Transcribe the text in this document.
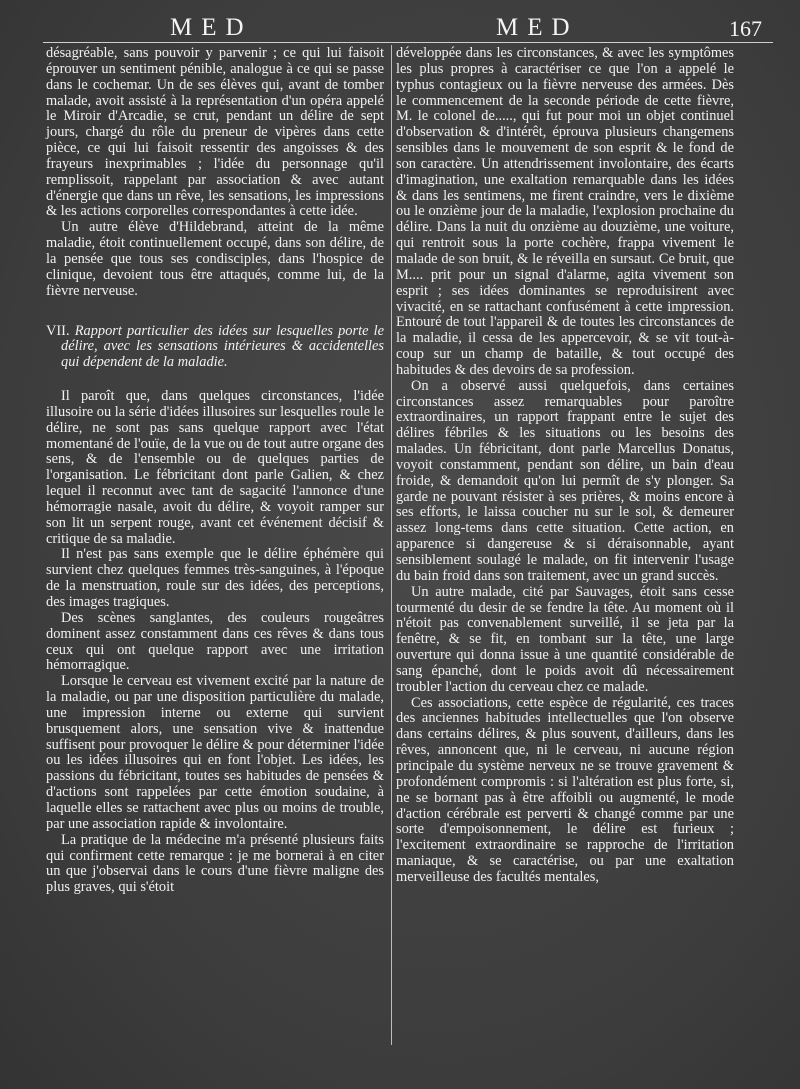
MED	MED	167

désagréable, sans pouvoir y parvenir ; ce qui lui faisoit éprouver un sentiment pénible, analogue à ce qui se passe dans le cochemar. Un de ses élèves qui, avant de tomber malade, avoit assisté à la représentation d'un opéra appelé le Miroir d'Arcadie, se crut, pendant un délire de sept jours, chargé du rôle du preneur de vipères dans cette pièce, ce qui lui faisoit ressentir des angoisses & des frayeurs inexprimables ; l'idée du personnage qu'il remplissoit, rappelant par association & avec autant d'énergie que dans un rêve, les sensations, les impressions & les actions corporelles correspondantes à cette idée.

Un autre élève d'Hildebrand, atteint de la même maladie, étoit continuellement occupé, dans son délire, de la pensée que tous ses condisciples, dans l'hospice de clinique, devoient tous être attaqués, comme lui, de la fièvre nerveuse.

VII. Rapport particulier des idées sur lesquelles porte le délire, avec les sensations intérieures & accidentelles qui dépendent de la maladie.

Il paroît que, dans quelques circonstances, l'idée illusoire ou la série d'idées illusoires sur lesquelles roule le délire, ne sont pas sans quelque rapport avec l'état momentané de l'ouïe, de la vue ou de tout autre organe des sens, & de l'ensemble ou de quelques parties de l'organisation. Le fébricitant dont parle Galien, & chez lequel il reconnut avec tant de sagacité l'annonce d'une hémorragie nasale, avoit du délire, & voyoit ramper sur son lit un serpent rouge, avant cet événement décisif & critique de sa maladie.

Il n'est pas sans exemple que le délire éphémère qui survient chez quelques femmes très-sanguines, à l'époque de la menstruation, roule sur des idées, des perceptions, des images tragiques.

Des scènes sanglantes, des couleurs rougeâtres dominent assez constamment dans ces rêves & dans tous ceux qui ont quelque rapport avec une irritation hémorragique.

Lorsque le cerveau est vivement excité par la nature de la maladie, ou par une disposition particulière du malade, une impression interne ou externe qui survient brusquement alors, une sensation vive & inattendue suffisent pour provoquer le délire & pour déterminer l'idée ou les idées illusoires qui en font l'objet. Les idées, les passions du fébricitant, toutes ses habitudes de pensées & d'actions sont rappelées par cette émotion soudaine, à laquelle elles se rattachent avec plus ou moins de trouble, par une association rapide & involontaire.

La pratique de la médecine m'a présenté plusieurs faits qui confirment cette remarque : je me bornerai à en citer un que j'observai dans le cours d'une fièvre maligne des plus graves, qui s'étoit

développée dans les circonstances, & avec les symptômes les plus propres à caractériser ce que l'on a appelé le typhus contagieux ou la fièvre nerveuse des armées. Dès le commencement de la seconde période de cette fièvre, M. le colonel de....., qui fut pour moi un objet continuel d'observation & d'intérêt, éprouva plusieurs changemens sensibles dans le mouvement de son esprit & le fond de son caractère. Un attendrissement involontaire, des écarts d'imagination, une exaltation remarquable dans les idées & dans les sentimens, me firent craindre, vers le dixième ou le onzième jour de la maladie, l'explosion prochaine du délire. Dans la nuit du onzième au douzième, une voiture, qui rentroit sous la porte cochère, frappa vivement le malade de son bruit, & le réveilla en sursaut. Ce bruit, que M.... prit pour un signal d'alarme, agita vivement son esprit ; ses idées dominantes se reproduisirent avec vivacité, en se rattachant confusément à cette impression. Entouré de tout l'appareil & de toutes les circonstances de la maladie, il cessa de les appercevoir, & se vit tout-à-coup sur un champ de bataille, & tout occupé des habitudes & des devoirs de sa profession.

On a observé aussi quelquefois, dans certaines circonstances assez remarquables pour paroître extraordinaires, un rapport frappant entre le sujet des délires fébriles & les situations ou les besoins des malades. Un fébricitant, dont parle Marcellus Donatus, voyoit constamment, pendant son délire, un bain d'eau froide, & demandoit qu'on lui permît de s'y plonger. Sa garde ne pouvant résister à ses prières, & moins encore à ses efforts, le laissa coucher nu sur le sol, & demeurer assez long-tems dans cette situation. Cette action, en apparence si dangereuse & si déraisonnable, ayant sensiblement soulagé le malade, on fit intervenir l'usage du bain froid dans son traitement, avec un grand succès.

Un autre malade, cité par Sauvages, étoit sans cesse tourmenté du desir de se fendre la tête. Au moment où il n'étoit pas convenablement surveillé, il se jeta par la fenêtre, & se fit, en tombant sur la tête, une large ouverture qui donna issue à une quantité considérable de sang épanché, dont le poids avoit dû nécessairement troubler l'action du cerveau chez ce malade.

Ces associations, cette espèce de régularité, ces traces des anciennes habitudes intellectuelles que l'on observe dans certains délires, & plus souvent, d'ailleurs, dans les rêves, annoncent que, ni le cerveau, ni aucune région principale du système nerveux ne se trouve gravement & profondément compromis : si l'altération est plus forte, si, ne se bornant pas à être affoibli ou augmenté, le mode d'action cérébrale est perverti & changé comme par une sorte d'empoisonnement, le délire est furieux ; l'excitement extraordinaire se rapproche de l'irritation maniaque, & se caractérise, ou par une exaltation merveilleuse des facultés mentales,
